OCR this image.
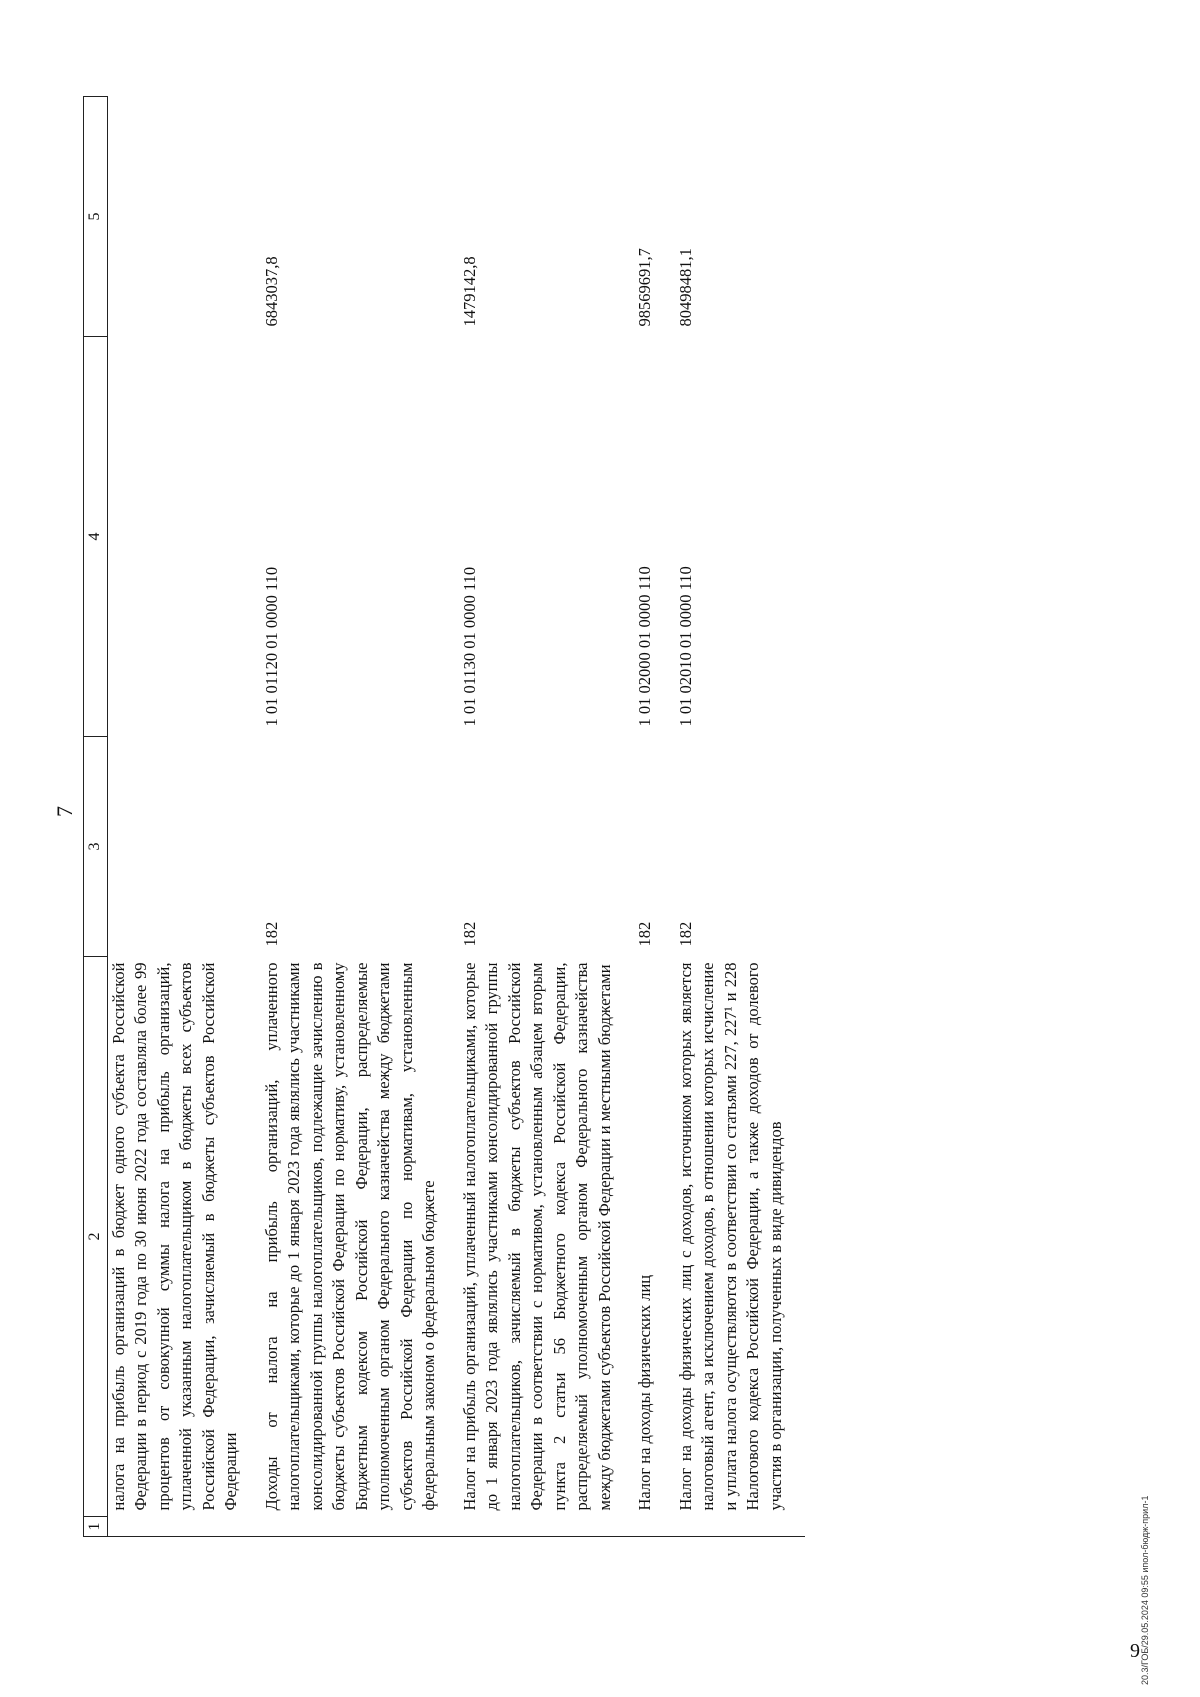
7
1	2	3	4	5
	налога на прибыль организаций в бюджет одного субъекта Российской Федерации в период с 2019 года по 30 июня 2022 года составляла более 99 процентов от совокупной суммы налога на прибыль организаций, уплаченной указанным налогоплательщиком в бюджеты всех субъектов Российской Федерации, зачисляемый в бюджеты субъектов Российской Федерации			
	Доходы от налога на прибыль организаций, уплаченного налогоплательщиками, которые до 1 января 2023 года являлись участниками консолидированной группы налогоплательщиков, подлежащие зачислению в бюджеты субъектов Российской Федерации по нормативу, установленному Бюджетным кодексом Российской Федерации, распределяемые уполномоченным органом Федерального казначейства между бюджетами субъектов Российской Федерации по нормативам, установленным федеральным законом о федеральном бюджете	182	1 01 01120 01 0000 110	6843037,8
	Налог на прибыль организаций, уплаченный налогоплательщиками, которые до 1 января 2023 года являлись участниками консолидированной группы налогоплательщиков, зачисляемый в бюджеты субъектов Российской Федерации в соответствии с нормативом, установленным абзацем вторым пункта 2 статьи 56 Бюджетного кодекса Российской Федерации, распределяемый уполномоченным органом Федерального казначейства между бюджетами субъектов Российской Федерации и местными бюджетами	182	1 01 01130 01 0000 110	1479142,8
	Налог на доходы физических лиц	182	1 01 02000 01 0000 110	98569691,7
	Налог на доходы физических лиц с доходов, источником которых является налоговый агент, за исключением доходов, в отношении которых исчисление и уплата налога осуществляются в соответствии со статьями 227, 227¹ и 228 Налогового кодекса Российской Федерации, а также доходов от долевого участия в организации, полученных в виде дивидендов	182	1 01 02010 01 0000 110	80498481,1
20.3/ГОБ/29.05.2024 09:55 ипол-бюдж-прил-1
9
